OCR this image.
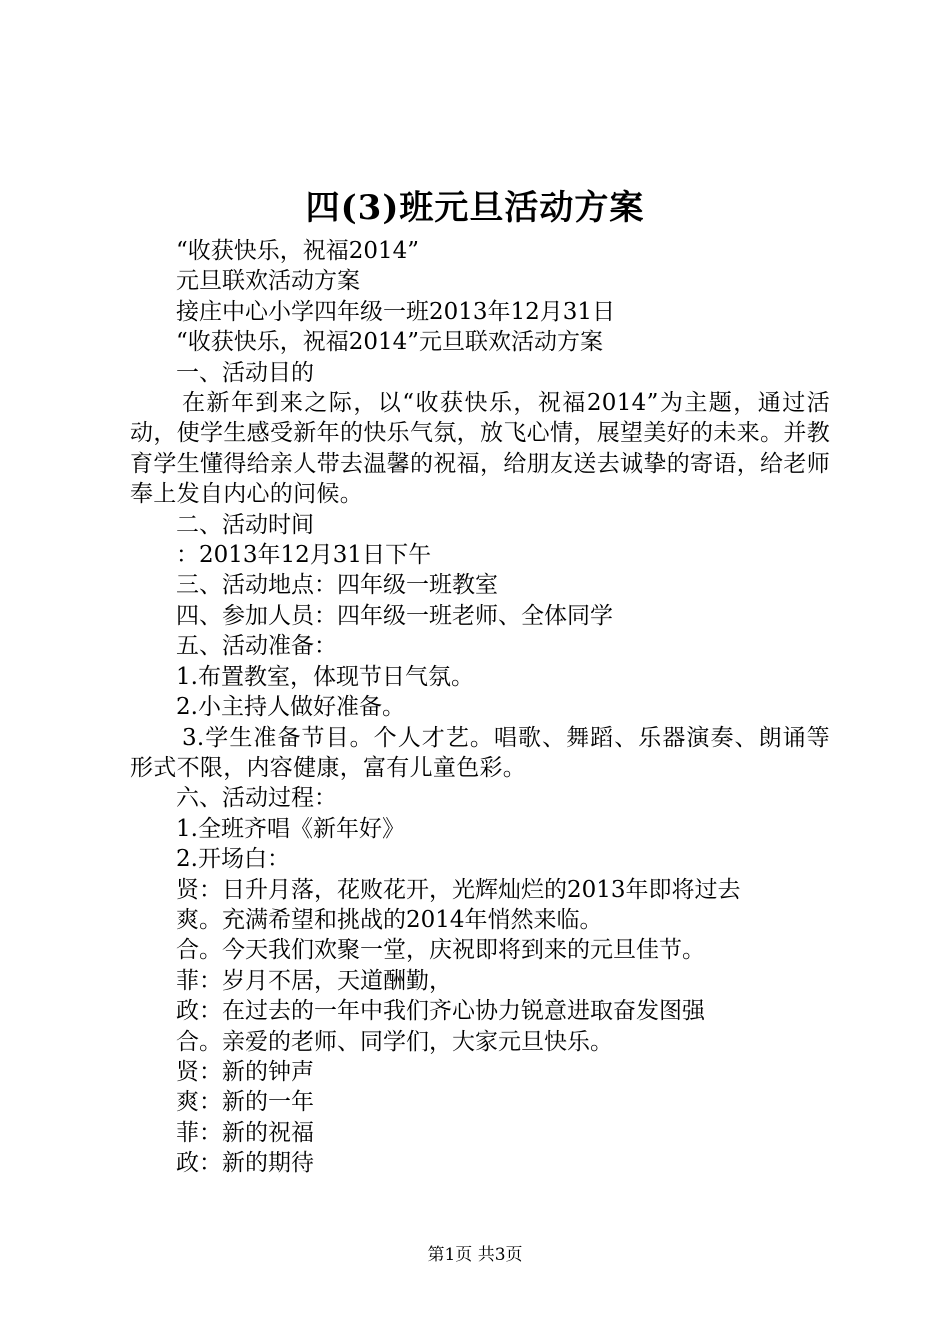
四(3)班元旦活动方案
“收获快乐，祝福2014”
元旦联欢活动方案
接庄中心小学四年级一班2013年12月31日
“收获快乐，祝福2014”元旦联欢活动方案
一、活动目的
在新年到来之际，以“收获快乐，祝福2014”为主题，通过活动，使学生感受新年的快乐气氛，放飞心情，展望美好的未来。并教育学生懂得给亲人带去温馨的祝福，给朋友送去诚挚的寄语，给老师奉上发自内心的问候。
二、活动时间
：2013年12月31日下午
三、活动地点：四年级一班教室
四、参加人员：四年级一班老师、全体同学
五、活动准备：
1.布置教室，体现节日气氛。
2.小主持人做好准备。
3.学生准备节目。个人才艺。唱歌、舞蹈、乐器演奏、朗诵等形式不限，内容健康，富有儿童色彩。
六、活动过程：
1.全班齐唱《新年好》
2.开场白：
贤：日升月落，花败花开，光辉灿烂的2013年即将过去
爽。充满希望和挑战的2014年悄然来临。
合。今天我们欢聚一堂，庆祝即将到来的元旦佳节。
菲：岁月不居，天道酬勤，
政：在过去的一年中我们齐心协力锐意进取奋发图强
合。亲爱的老师、同学们，大家元旦快乐。
贤：新的钟声
爽：新的一年
菲：新的祝福
政：新的期待
第1页 共3页
